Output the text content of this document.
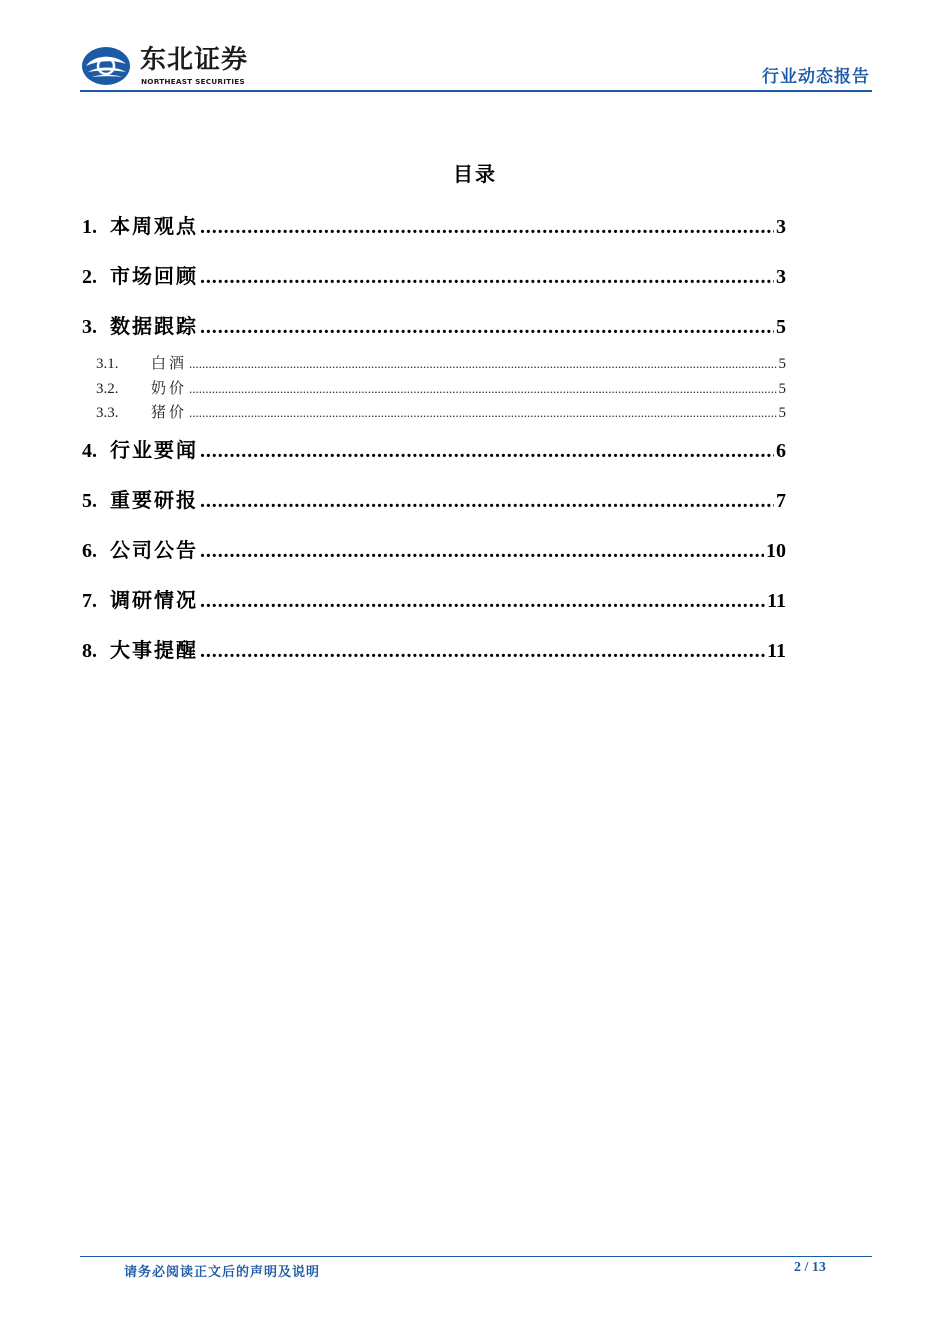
东北证券
NORTHEAST SECURITIES	行业动态报告
目录
1. 本周观点 .....	3
2. 市场回顾 .....	3
3. 数据跟踪 .....	5
3.1.	白酒 .....	5
3.2.	奶价 .....	5
3.3.	猪价 .....	5
4. 行业要闻 .....	6
5. 重要研报 .....	7
6. 公司公告 .....	10
7. 调研情况 .....	11
8. 大事提醒 .....	11
请务必阅读正文后的声明及说明	2 / 13
